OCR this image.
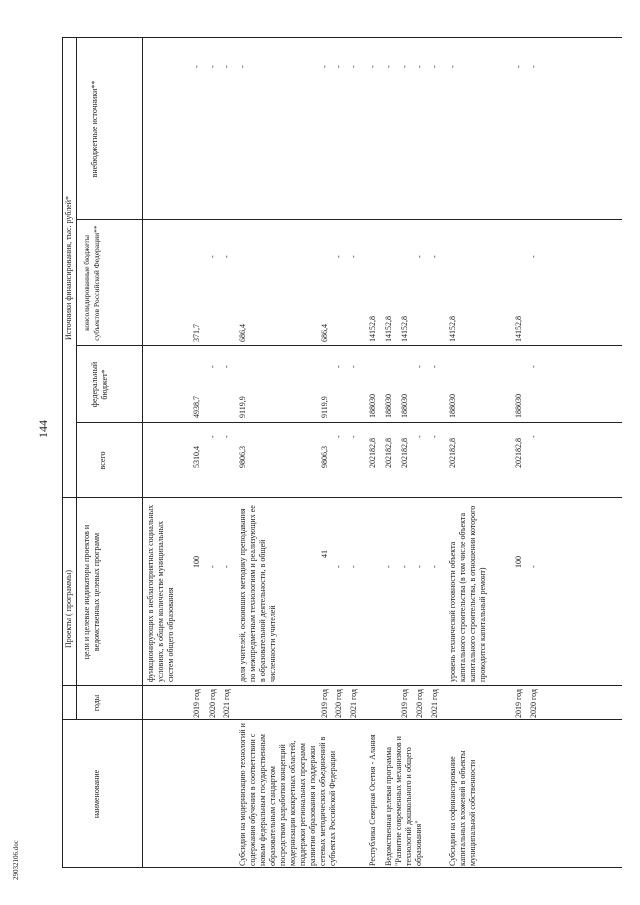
144
29032106.doc
наименование
Проекты ( программы)
годы
цели и целевые индикаторы проектов и ведомственных целевых программ
Источники финансирования, тыс. рублей*
всего
федеральный бюджет*
консолидированные бюджеты субъектов Российской Федерации**
внебюджетные источники**
функционирующих в неблагоприятных социальных условиях, в общем количестве муниципальных систем общего образования
2019 год
100
5310,4
4938,7
371,7
-
2020 год
-
-
-
-
-
2021 год
-
-
-
-
-
Субсидии на модернизацию технологий и содержания обучения в соответствии с новым федеральным государственным образовательным стандартом посредством разработки концепций модернизации конкретных областей, поддержки региональных программ развития образования и поддержки сетевых методических объединений в субъектах Российской Федерации
доля учителей, освоивших методику преподавания по межпредметным технологиям и реализующих ее в образовательной деятельности, в общей численности учителей
9806,3
9119,9
686,4
-
2019 год
41
9806,3
9119,9
686,4
-
2020 год
-
-
-
-
-
2021 год
-
-
-
-
-
Республика Северная Осетия - Алания
202182,8
188030
14152,8
-
Ведомственная целевая программа "Развитие современных механизмов и технологий дошкольного и общего образования"
-
202182,8
188030
14152,8
-
2019 год
-
202182,8
188030
14152,8
-
2020 год
-
-
-
-
-
2021 год
-
-
-
-
-
Субсидии на софинансирование капитальных вложений в объекты муниципальной собственности
уровень технической готовности объекта капитального строительства (в том числе объекта капитального строительства, в отношении которого проводится капитальный ремонт)
202182,8
188030
14152,8
-
2019 год
100
202182,8
188030
14152,8
-
2020 год
-
-
-
-
-
